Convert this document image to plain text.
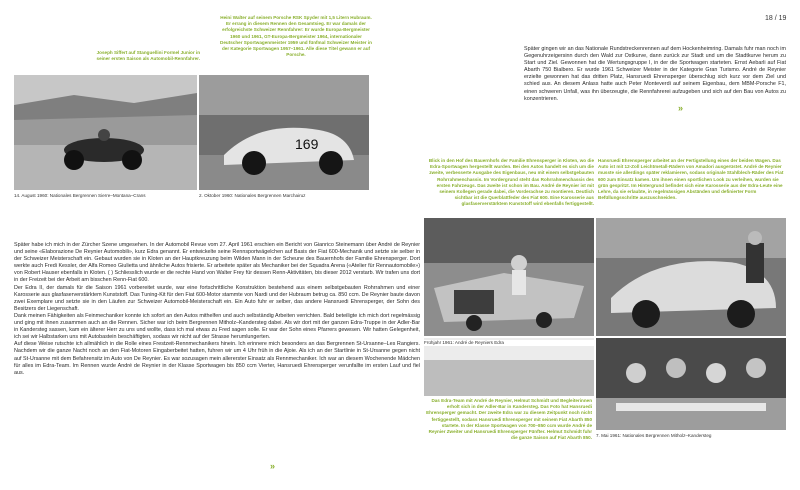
18 / 19
Heini Walter auf seinem Porsche RSK Spyder mit 1,5 Litern Hubraum. Er errang in diesem Rennen den Gesamtsieg. Er war damals der erfolgreichste Schweizer Rennfahrer: Er wurde Europa-Bergmeister 1960 und 1961, GT-Europa-Bergmeister 1964, internationaler Deutscher Sportwagenmeister 1959 und fünfmal Schweizer Meister in der Kategorie Sportwagen 1957–1961. Alle diese Titel gewann er auf Porsche.
Joseph Siffert auf Stanguellini Formel Junior in seiner ersten Saison als Automobil-Rennfahrer.
14. August 1960: Nationales Bergrennen Sierre–Montana–Crans
169
2. Oktober 1960: Nationales Bergrennen Marchairuz
Später gingen wir an das Nationale Rundstreckenrennen auf dem Hockenheimring. Damals fuhr man noch im Gegenuhrzeigersinn durch den Wald zur Ostkurve, dann zurück zur Stadt und um die Stadtkurve herum zu Start und Ziel. Gewonnen hat die Wertungsgruppe I, in der die Sportwagen starteten. Ernst Aebarli auf Fiat Abarth 750 Bialbero. Er wurde 1961 Schweizer Meister in der Kategorie Gran Turismo. André de Reynier erzielte gewonnen hat das dritten Platz, Hansruedi Ehrensperger überschlug sich kurz vor dem Ziel und schied aus. An diesem Anlass hatte auch Peter Monteverdi auf seinem Eigenbau, dem MBM-Porsche F1, einen schweren Unfall, was ihn überzeugte, die Rennfahrerei aufzugeben und sich auf den Bau von Autos zu konzentrieren.
»
Blick in den Hof des Bauernhofs der Familie Ehrensperger in Kloten, wo die Edra-Sportwagen hergestellt wurden. Bei den Autos handelt es sich um die zweite, verbesserte Ausgabe des Eigenbaus, neu mit einem selbstgebauten Rohrrahmenchassis. Im Vordergrund steht das Rohrrahmenchassis des ersten Fahrzeugs. Das zweite ist schon im Bau. André de Reynier ist mit seinem Kollegen gerade dabei, die Vorderachse zu montieren. Deutlich sichtbar ist die Querblattfeder des Fiat 600. Eine Karosserie aus glasfaserverstärktem Kunststoff wird ebenfalls fertiggestellt.
Hansruedi Ehrensperger arbeitet an der Fertigstellung eines der beiden Wagen. Das Auto ist mit 12-Zoll Leichtmetall-Rädern von Amadori ausgerüstet. André de Reynier musste sie allerdings später reklamieren, sodass originale Stahlblech-Räder des Fiat 600 zum Einsatz kamen. Um ihnen einen sportlichen Look zu verleihen, wurden sie grün gespritzt. Im Hintergrund befindet sich eine Karosserie aus der Edra-Leute eine Lehre, da sie erlaubte, in regelmässigen Abständen und definierter Form Befüllungsschritte auszuschneiden.
Später habe ich mich in der Zürcher Szene umgesehen. In der Automobil Revue vom 27. April 1961 erschien ein Bericht von Gianrico Steinemann über André de Reynier und seine «Elaborazione De Reynier Automobili», kurz Edra genannt. Er entwickelte seine Rennsportwägelchen auf Basis der Fiat 600-Mechanik und setzte sie selber in der Schweizer Meisterschaft ein. Gebaut wurden sie in Kloten an der Hauptkreuzung beim Wilden Mann in der Scheune des Bauernhofs der Familie Ehrensperger. Dort werkte auch Fredi Kessler, der Alfa Romeo Giulietta und ähnliche Autos frisierte. Er arbeitete später als Mechaniker bei der Squadra Arena («Atelier für Rennautomobile») von Robert Hauser ebenfalls in Kloten. ( ) Schliesslich wurde er die rechte Hand von Walter Frey für dessen Renn-Aktivitäten, bis dieser 2012 verstarb. Wir trafen uns dort in der Freizeit bei der Arbeit am bisschen Renn-Fiat 600.
Der Edra II, der damals für die Saison 1961 vorbereitet wurde, war eine fortschrittliche Konstruktion bestehend aus einem selbstgebauten Rohrrahmen und einer Karosserie aus glasfaserverstärktem Kunststoff. Das Tuning-Kit für den Fiat 600-Motor stammte von Nardi und der Hubraum betrug ca. 850 ccm. De Reynier baute davon zwei Exemplare und setzte sie in den Läufen zur Schweizer Automobil-Meisterschaft ein. Ein Auto fuhr er selber, das andere Hansruedi Ehrensperger, der Sohn des Besitzers der Liegenschaft.
Dank meinen Fähigkeiten als Feinmechaniker konnte ich sofort an den Autos mithelfen und auch selbständig Arbeiten verrichten. Bald beteiligte ich mich dort regelmässig und ging mit ihnen zusammen auch an die Rennen. Sicher war ich beim Bergrennen Mitholz–Kandersteg dabei. Als wir dort mit der ganzen Edra-Truppe in der Adler-Bar in Kandersteg sassen, kam ein älterer Herr zu uns und wollte, dass ich mal etwas zu Fred sagen solle. Er war der Sohn eines Pfarrers gewesen. Wir hatten Gelegenheit, ich sei wir Halbstarken uns mit Autobastein beschäftigten, sodass wir nicht auf der Strasse herumlungerten.
Auf diese Weise rutschte ich allmählich in die Rolle eines Frestzeit-Rennmechanikers hinein. Ich erinnere mich besonders an das Bergrennen St-Ursanne–Les Rangiers. Nachdem wir die ganze Nacht noch an den Fiat-Motoren Eingaberbeitet hatten, fuhren wir um 4 Uhr früh in die Ajoie. Als ich an der Startlinie in St-Ursanne gegen nicht auf St-Ursanne mit dem Befahrensitz im Auto von De Reynier. Es war sozusagen mein allererster Einsatz als Rennmechaniker. Ich war an diesem Wochenende Mädchen für alles im Edra-Team. Im Rennen wurde André de Reynier in der Klasse Sportwagen bis 850 ccm Vierter, Hansruedi Ehrensperger verunfallte im ersten Lauf und fiel aus.
»
Frühjahr 1961: André de Reyniers Edra
Das Edra-Team mit André de Reynier, Helmut Schmidt und Begleiterinnen erholt sich in der Adler-Bar in Kandersteg. Das Foto hat Hansruedi Ehrensperger gemacht. Der zweite Edra war zu diesem Zeitpunkt noch nicht fertiggestellt, sodass Hansruedi Ehrensperger mit seinem Fiat Abarth 850 startete. In der Klasse Sportwagen von 700–850 ccm wurde André de Reynier Zweiter und Hansruedi Ehrensperger Fünfter. Helmut Schmidt fuhr die ganze Saison auf Fiat Abarth 850. 7. Mai 1961: Nationales Bergrennen Mitholz–Kandersteg
